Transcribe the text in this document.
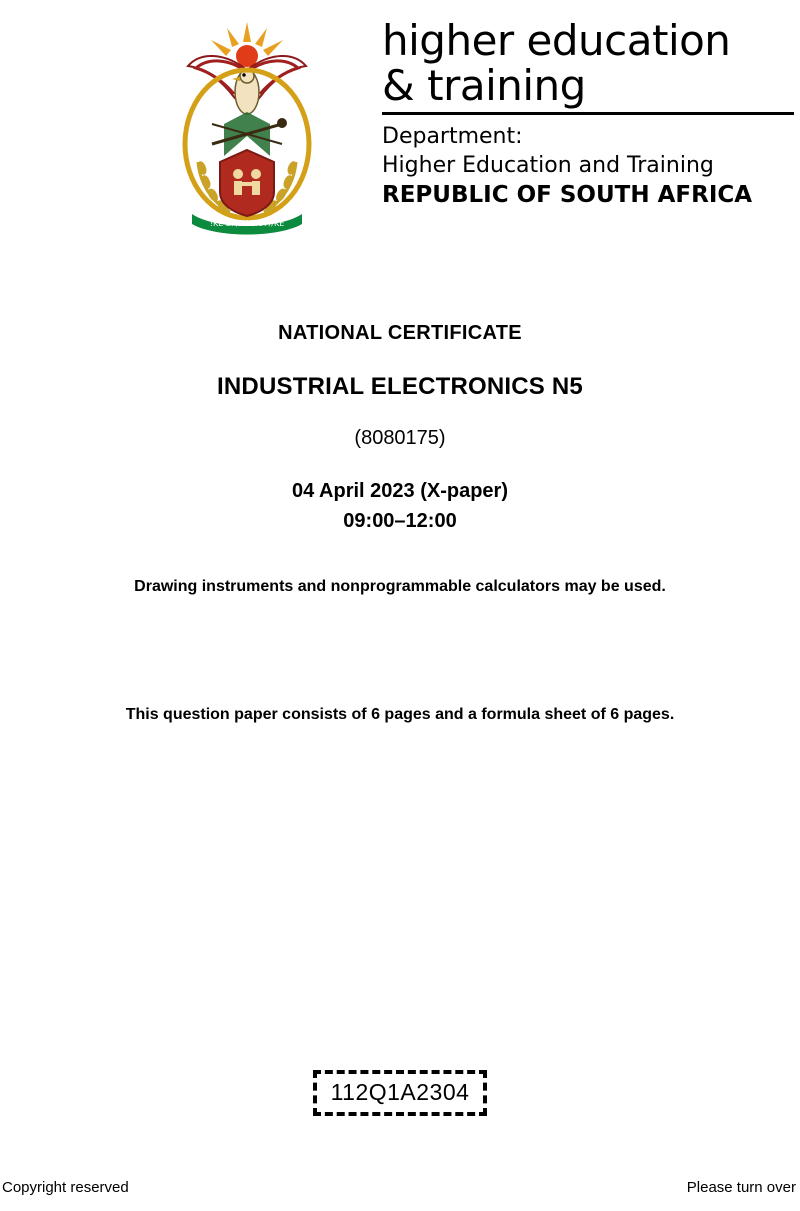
!KE E: /XARRA //KE
higher education
& training
Department:
Higher Education and Training
REPUBLIC OF SOUTH AFRICA
NATIONAL CERTIFICATE
INDUSTRIAL ELECTRONICS N5
(8080175)
04 April 2023 (X-paper)
09:00–12:00
Drawing instruments and nonprogrammable calculators may be used.
This question paper consists of 6 pages and a formula sheet of 6 pages.
112Q1A2304
Copyright reserved	Please turn over
